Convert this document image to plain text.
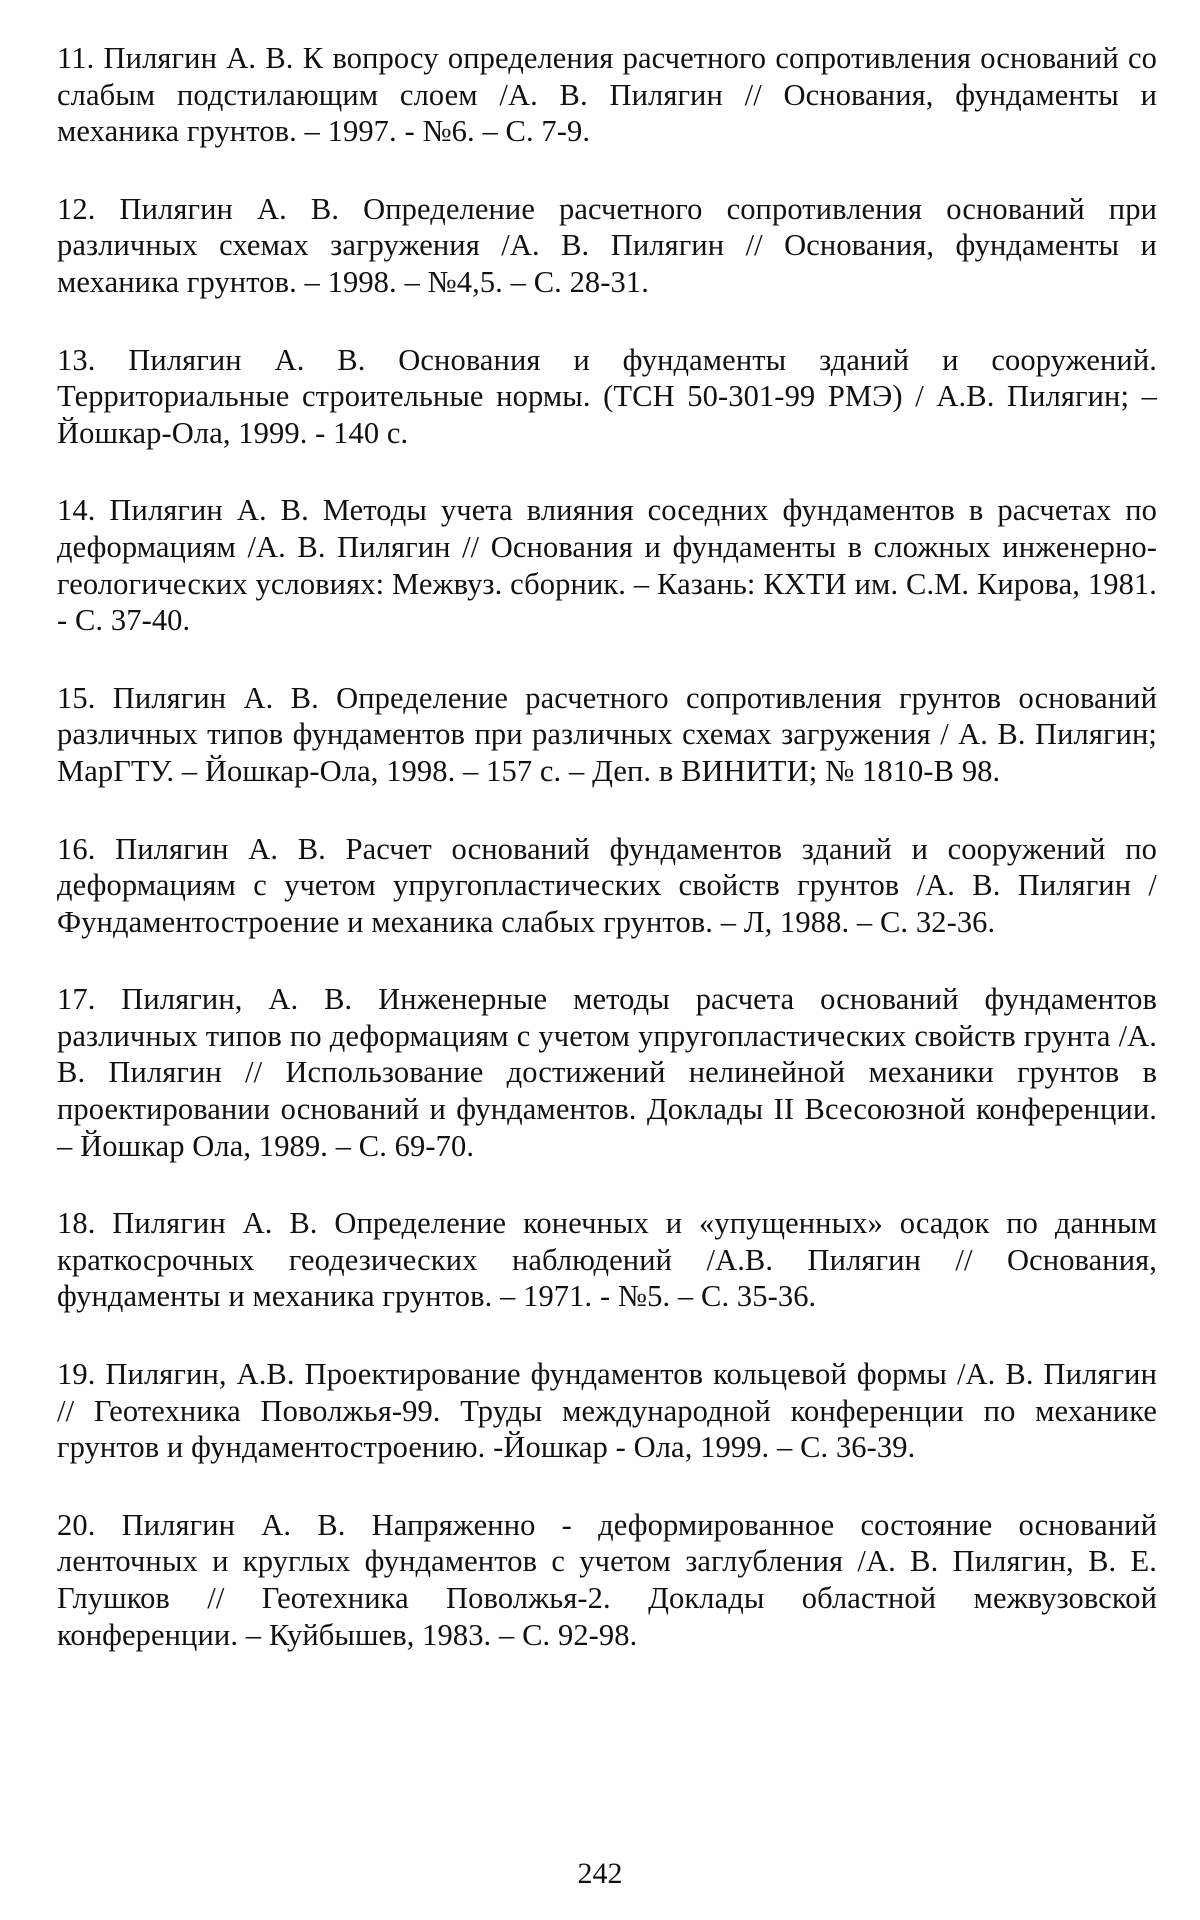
11. Пилягин А. В. К вопросу определения расчетного сопротивления оснований со слабым подстилающим слоем /А. В. Пилягин // Основания, фундаменты и механика грунтов. – 1997. - №6. – С. 7-9.

12. Пилягин А. В. Определение расчетного сопротивления оснований при различных схемах загружения /А. В. Пилягин // Основания, фундаменты и механика грунтов. – 1998. – №4,5. – С. 28-31.

13. Пилягин А. В. Основания и фундаменты зданий и сооружений. Территориальные строительные нормы. (ТСН 50-301-99 РМЭ) / А.В. Пилягин; – Йошкар-Ола, 1999. - 140 с.

14. Пилягин А. В. Методы учета влияния соседних фундаментов в расчетах по деформациям /А. В. Пилягин // Основания и фундаменты в сложных инженерно-геологических условиях: Межвуз. сборник. – Казань: КХТИ им. С.М. Кирова, 1981. - С. 37-40.

15. Пилягин А. В. Определение расчетного сопротивления грунтов оснований различных типов фундаментов при различных схемах загружения / А. В. Пилягин; МарГТУ. – Йошкар-Ола, 1998. – 157 с. – Деп. в ВИНИТИ; № 1810-В 98.

16. Пилягин А. В. Расчет оснований фундаментов зданий и сооружений по деформациям с учетом упругопластических свойств грунтов /А. В. Пилягин / Фундаментостроение и механика слабых грунтов. – Л, 1988. – С. 32-36.

17. Пилягин, А. В. Инженерные методы расчета оснований фундаментов различных типов по деформациям с учетом упругопластических свойств грунта /А. В. Пилягин // Использование достижений нелинейной механики грунтов в проектировании оснований и фундаментов. Доклады II Всесоюзной конференции. – Йошкар Ола, 1989. – С. 69-70.

18. Пилягин А. В. Определение конечных и «упущенных» осадок по данным краткосрочных геодезических наблюдений /А.В. Пилягин // Основания, фундаменты и механика грунтов. – 1971. - №5. – С. 35-36.

19. Пилягин, А.В. Проектирование фундаментов кольцевой формы /А. В. Пилягин // Геотехника Поволжья-99. Труды международной конференции по механике грунтов и фундаментостроению. -Йошкар - Ола, 1999. – С. 36-39.

20. Пилягин А. В. Напряженно - деформированное состояние оснований ленточных и круглых фундаментов с учетом заглубления /А. В. Пилягин, В. Е. Глушков // Геотехника Поволжья-2. Доклады областной межвузовской конференции. – Куйбышев, 1983. – С. 92-98.

242
